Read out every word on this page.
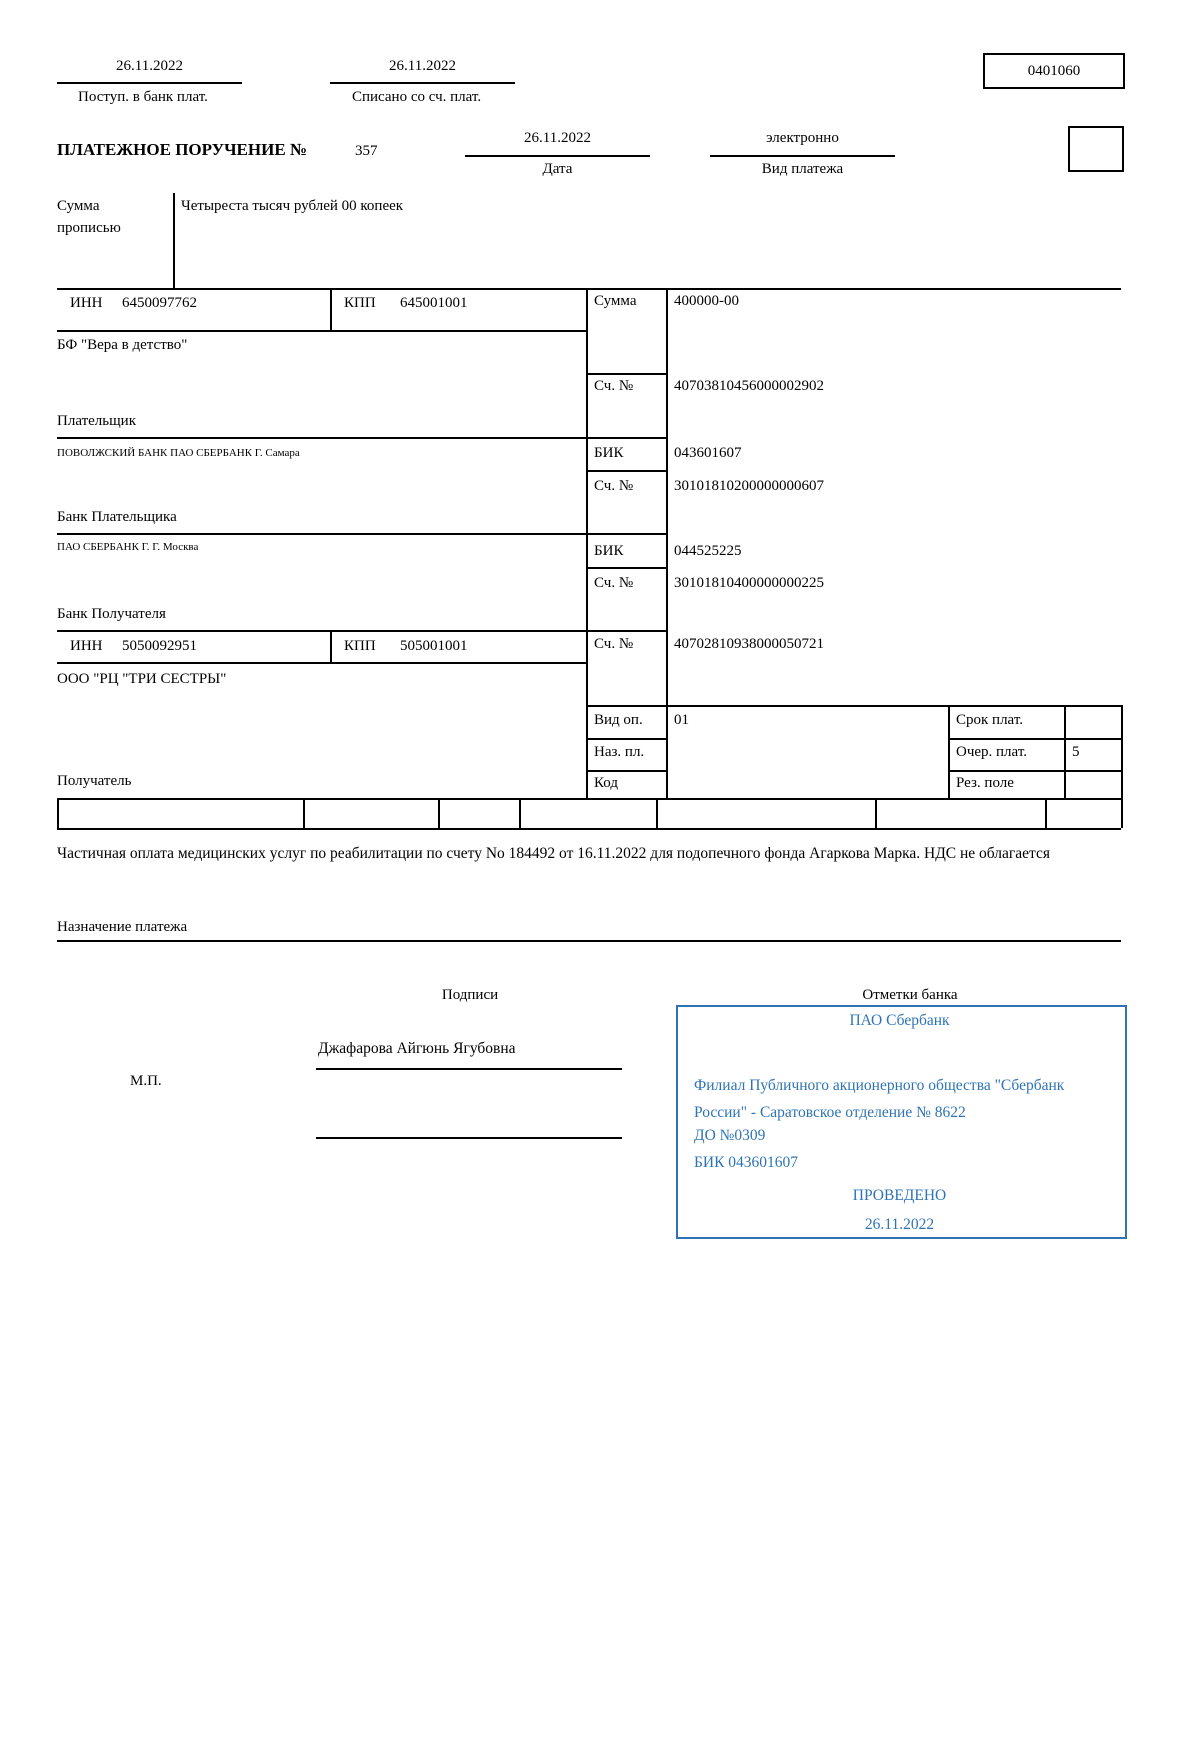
26.11.2022
Поступ. в банк плат.
26.11.2022
Списано со сч. плат.
0401060
ПЛАТЕЖНОЕ ПОРУЧЕНИЕ №	357
26.11.2022
Дата
электронно
Вид платежа
Сумма
прописью
Четыреста тысяч рублей 00 копеек
ИНН 6450097762	КПП 645001001	Сумма	400000-00
БФ "Вера в детство"
Сч. №	40703810456000002902
Плательщик
ПОВОЛЖСКИЙ БАНК ПАО СБЕРБАНК Г. Самара	БИК	043601607
Сч. №	30101810200000000607
Банк Плательщика
ПАО СБЕРБАНК Г. Г. Москва	БИК	044525225
Сч. №	30101810400000000225
Банк Получателя
ИНН 5050092951	КПП 505001001	Сч. №	40702810938000050721
ООО "РЦ "ТРИ СЕСТРЫ"
Вид оп. 01	Срок плат.
Наз. пл.	Очер. плат.	5
Код	Рез. поле
Получатель
Частичная оплата медицинских услуг по реабилитации по счету No 184492 от 16.11.2022 для подопечного фонда Агаркова Марка. НДС не облагается
Назначение платежа
Подписи
Джафарова Айгюнь Ягубовна
М.П.
Отметки банка
ПАО Сбербанк
Филиал Публичного акционерного общества "Сбербанк России" - Саратовское отделение № 8622
ДО №0309
БИК 043601607
ПРОВЕДЕНО
26.11.2022
